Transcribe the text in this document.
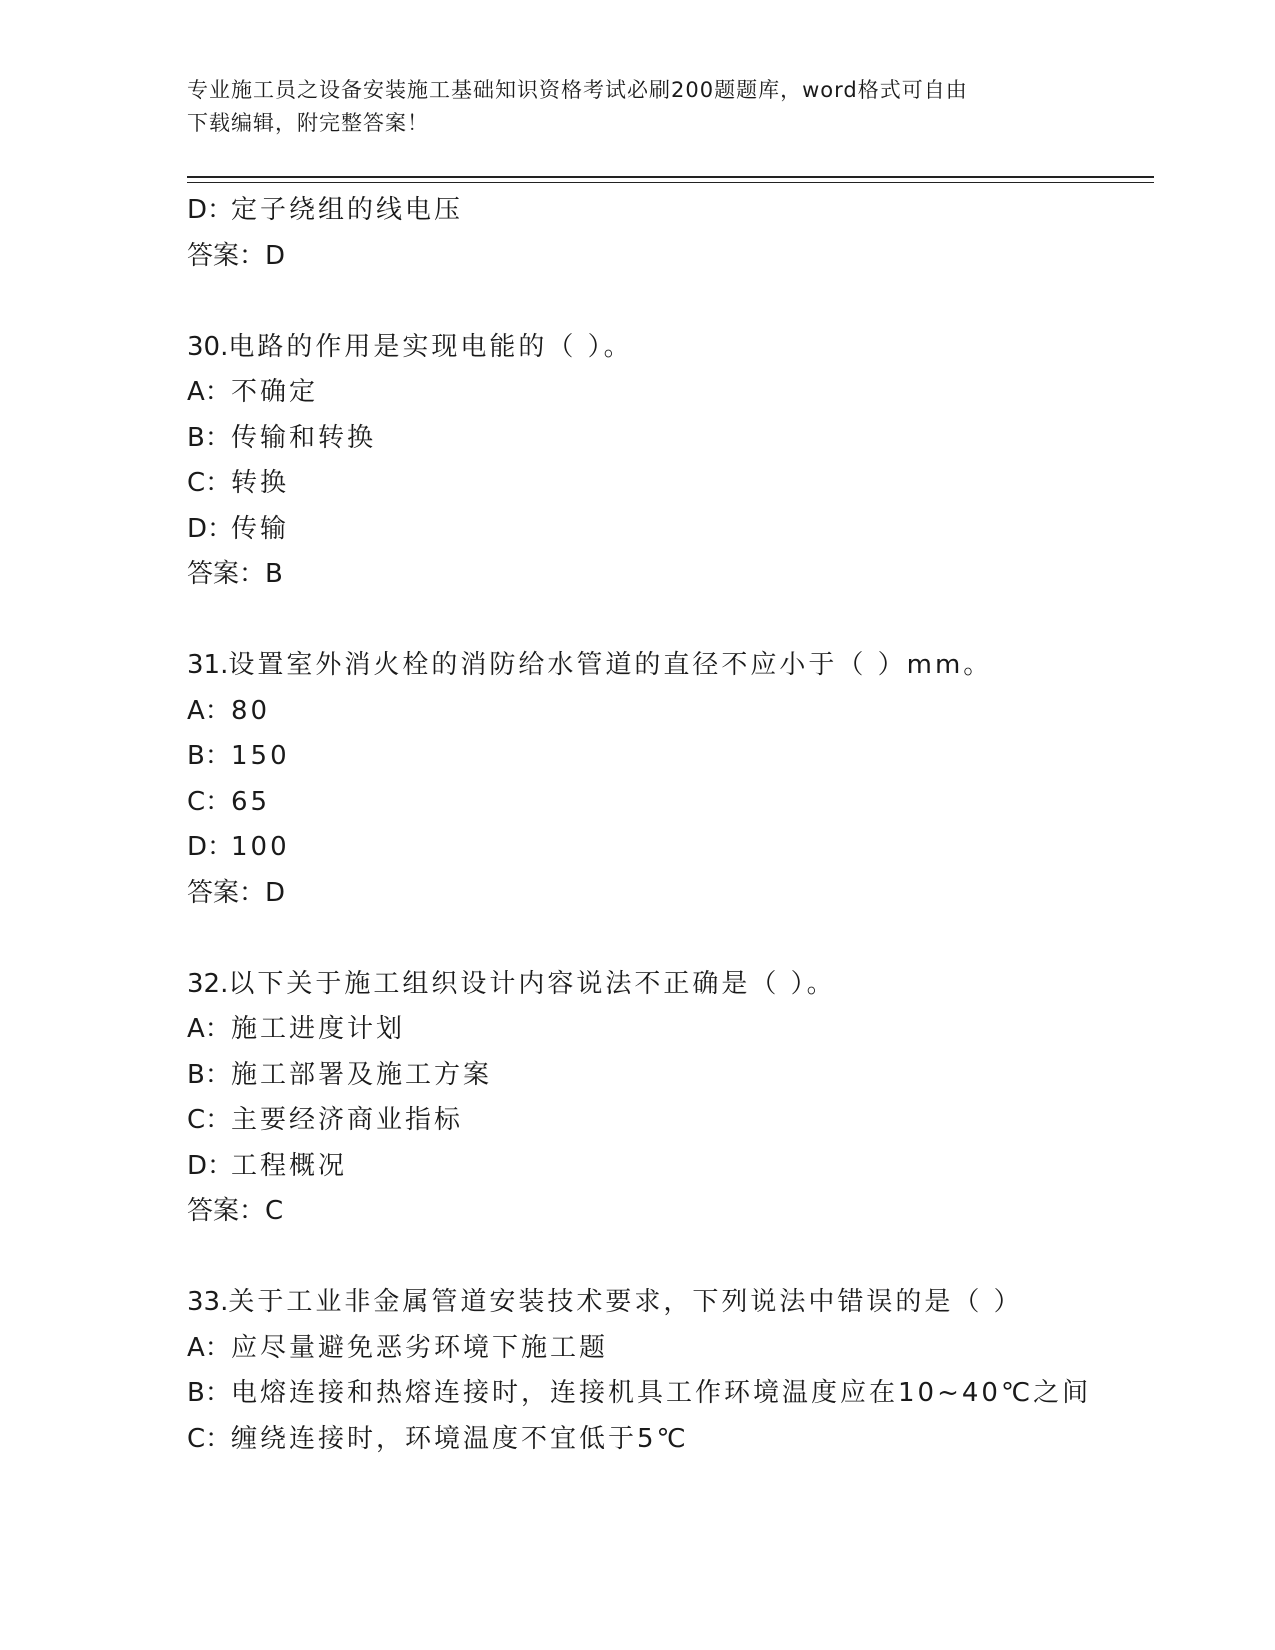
专业施工员之设备安装施工基础知识资格考试必刷200题题库，word格式可自由
下载编辑，附完整答案！
D：定子绕组的线电压
答案：D
30.电路的作用是实现电能的（ ）。
A：不确定
B：传输和转换
C：转换
D：传输
答案：B
31.设置室外消火栓的消防给水管道的直径不应小于（ ）mm。
A：80
B：150
C：65
D：100
答案：D
32.以下关于施工组织设计内容说法不正确是（ ）。
A：施工进度计划
B：施工部署及施工方案
C：主要经济商业指标
D：工程概况
答案：C
33.关于工业非金属管道安装技术要求，下列说法中错误的是（ ）
A：应尽量避免恶劣环境下施工题
B：电熔连接和热熔连接时，连接机具工作环境温度应在10~40℃之间
C：缠绕连接时，环境温度不宜低于5℃
